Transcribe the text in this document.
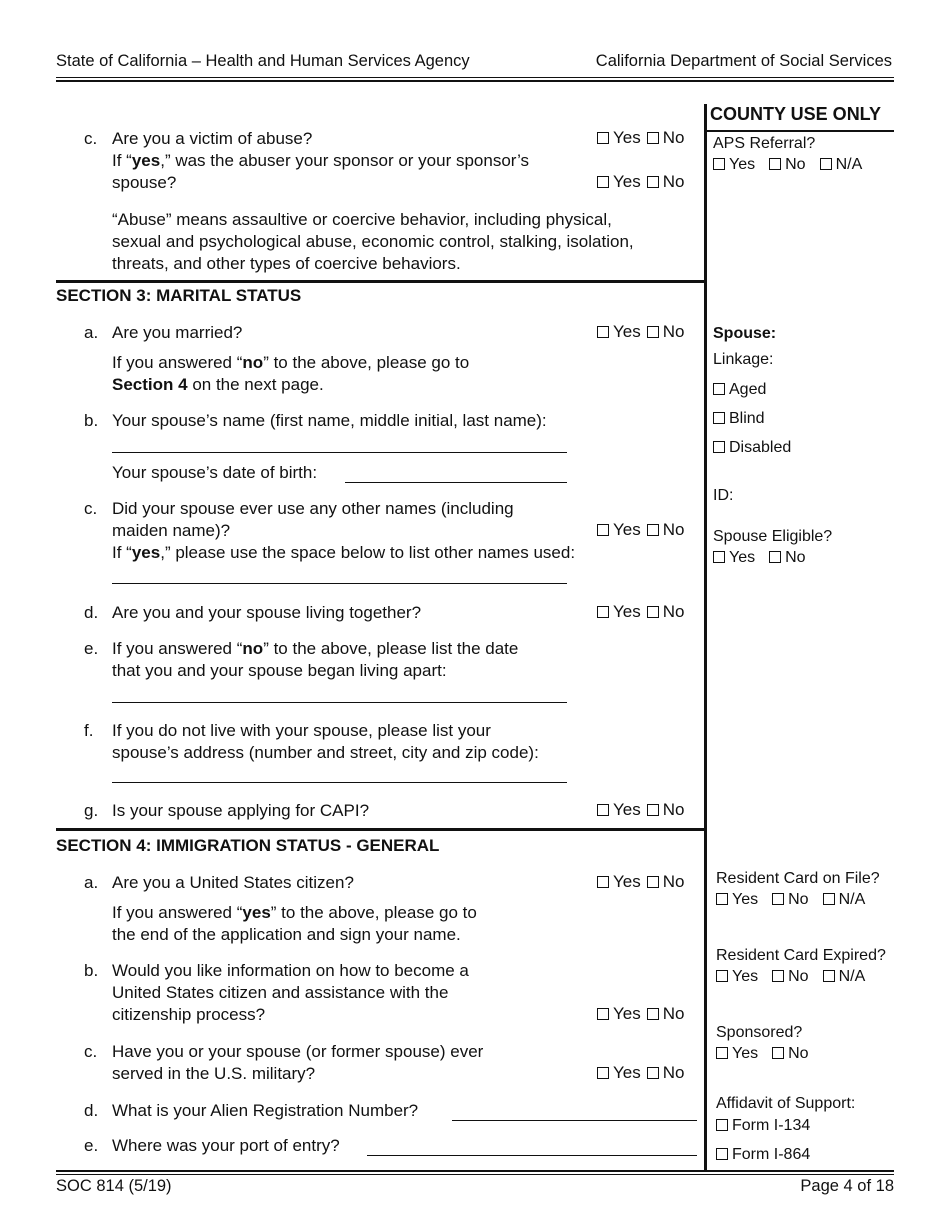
State of California – Health and Human Services Agency	California Department of Social Services
COUNTY USE ONLY
c. Are you a victim of abuse?
If “yes,” was the abuser your sponsor or your sponsor’s
spouse?
Yes No
Yes No
“Abuse” means assaultive or coercive behavior, including physical,
sexual and psychological abuse, economic control, stalking, isolation,
threats, and other types of coercive behaviors.
APS Referral?
Yes No N/A
SECTION 3: MARITAL STATUS
a. Are you married?	Yes No
If you answered “no” to the above, please go to
Section 4 on the next page.
b. Your spouse’s name (first name, middle initial, last name):
Your spouse’s date of birth:
c. Did your spouse ever use any other names (including
maiden name)?	Yes No
If “yes,” please use the space below to list other names used:
d. Are you and your spouse living together?	Yes No
e. If you answered “no” to the above, please list the date
that you and your spouse began living apart:
f. If you do not live with your spouse, please list your
spouse’s address (number and street, city and zip code):
g. Is your spouse applying for CAPI?	Yes No
Spouse:
Linkage:
Aged
Blind
Disabled
ID:
Spouse Eligible?
Yes No
SECTION 4: IMMIGRATION STATUS - GENERAL
a. Are you a United States citizen?	Yes No
If you answered “yes” to the above, please go to
the end of the application and sign your name.
b. Would you like information on how to become a
United States citizen and assistance with the
citizenship process?	Yes No
c. Have you or your spouse (or former spouse) ever
served in the U.S. military?	Yes No
d. What is your Alien Registration Number?
e. Where was your port of entry?
Resident Card on File?
Yes No N/A
Resident Card Expired?
Yes No N/A
Sponsored?
Yes No
Affidavit of Support:
Form I-134
Form I-864
SOC 814 (5/19)	Page 4 of 18
